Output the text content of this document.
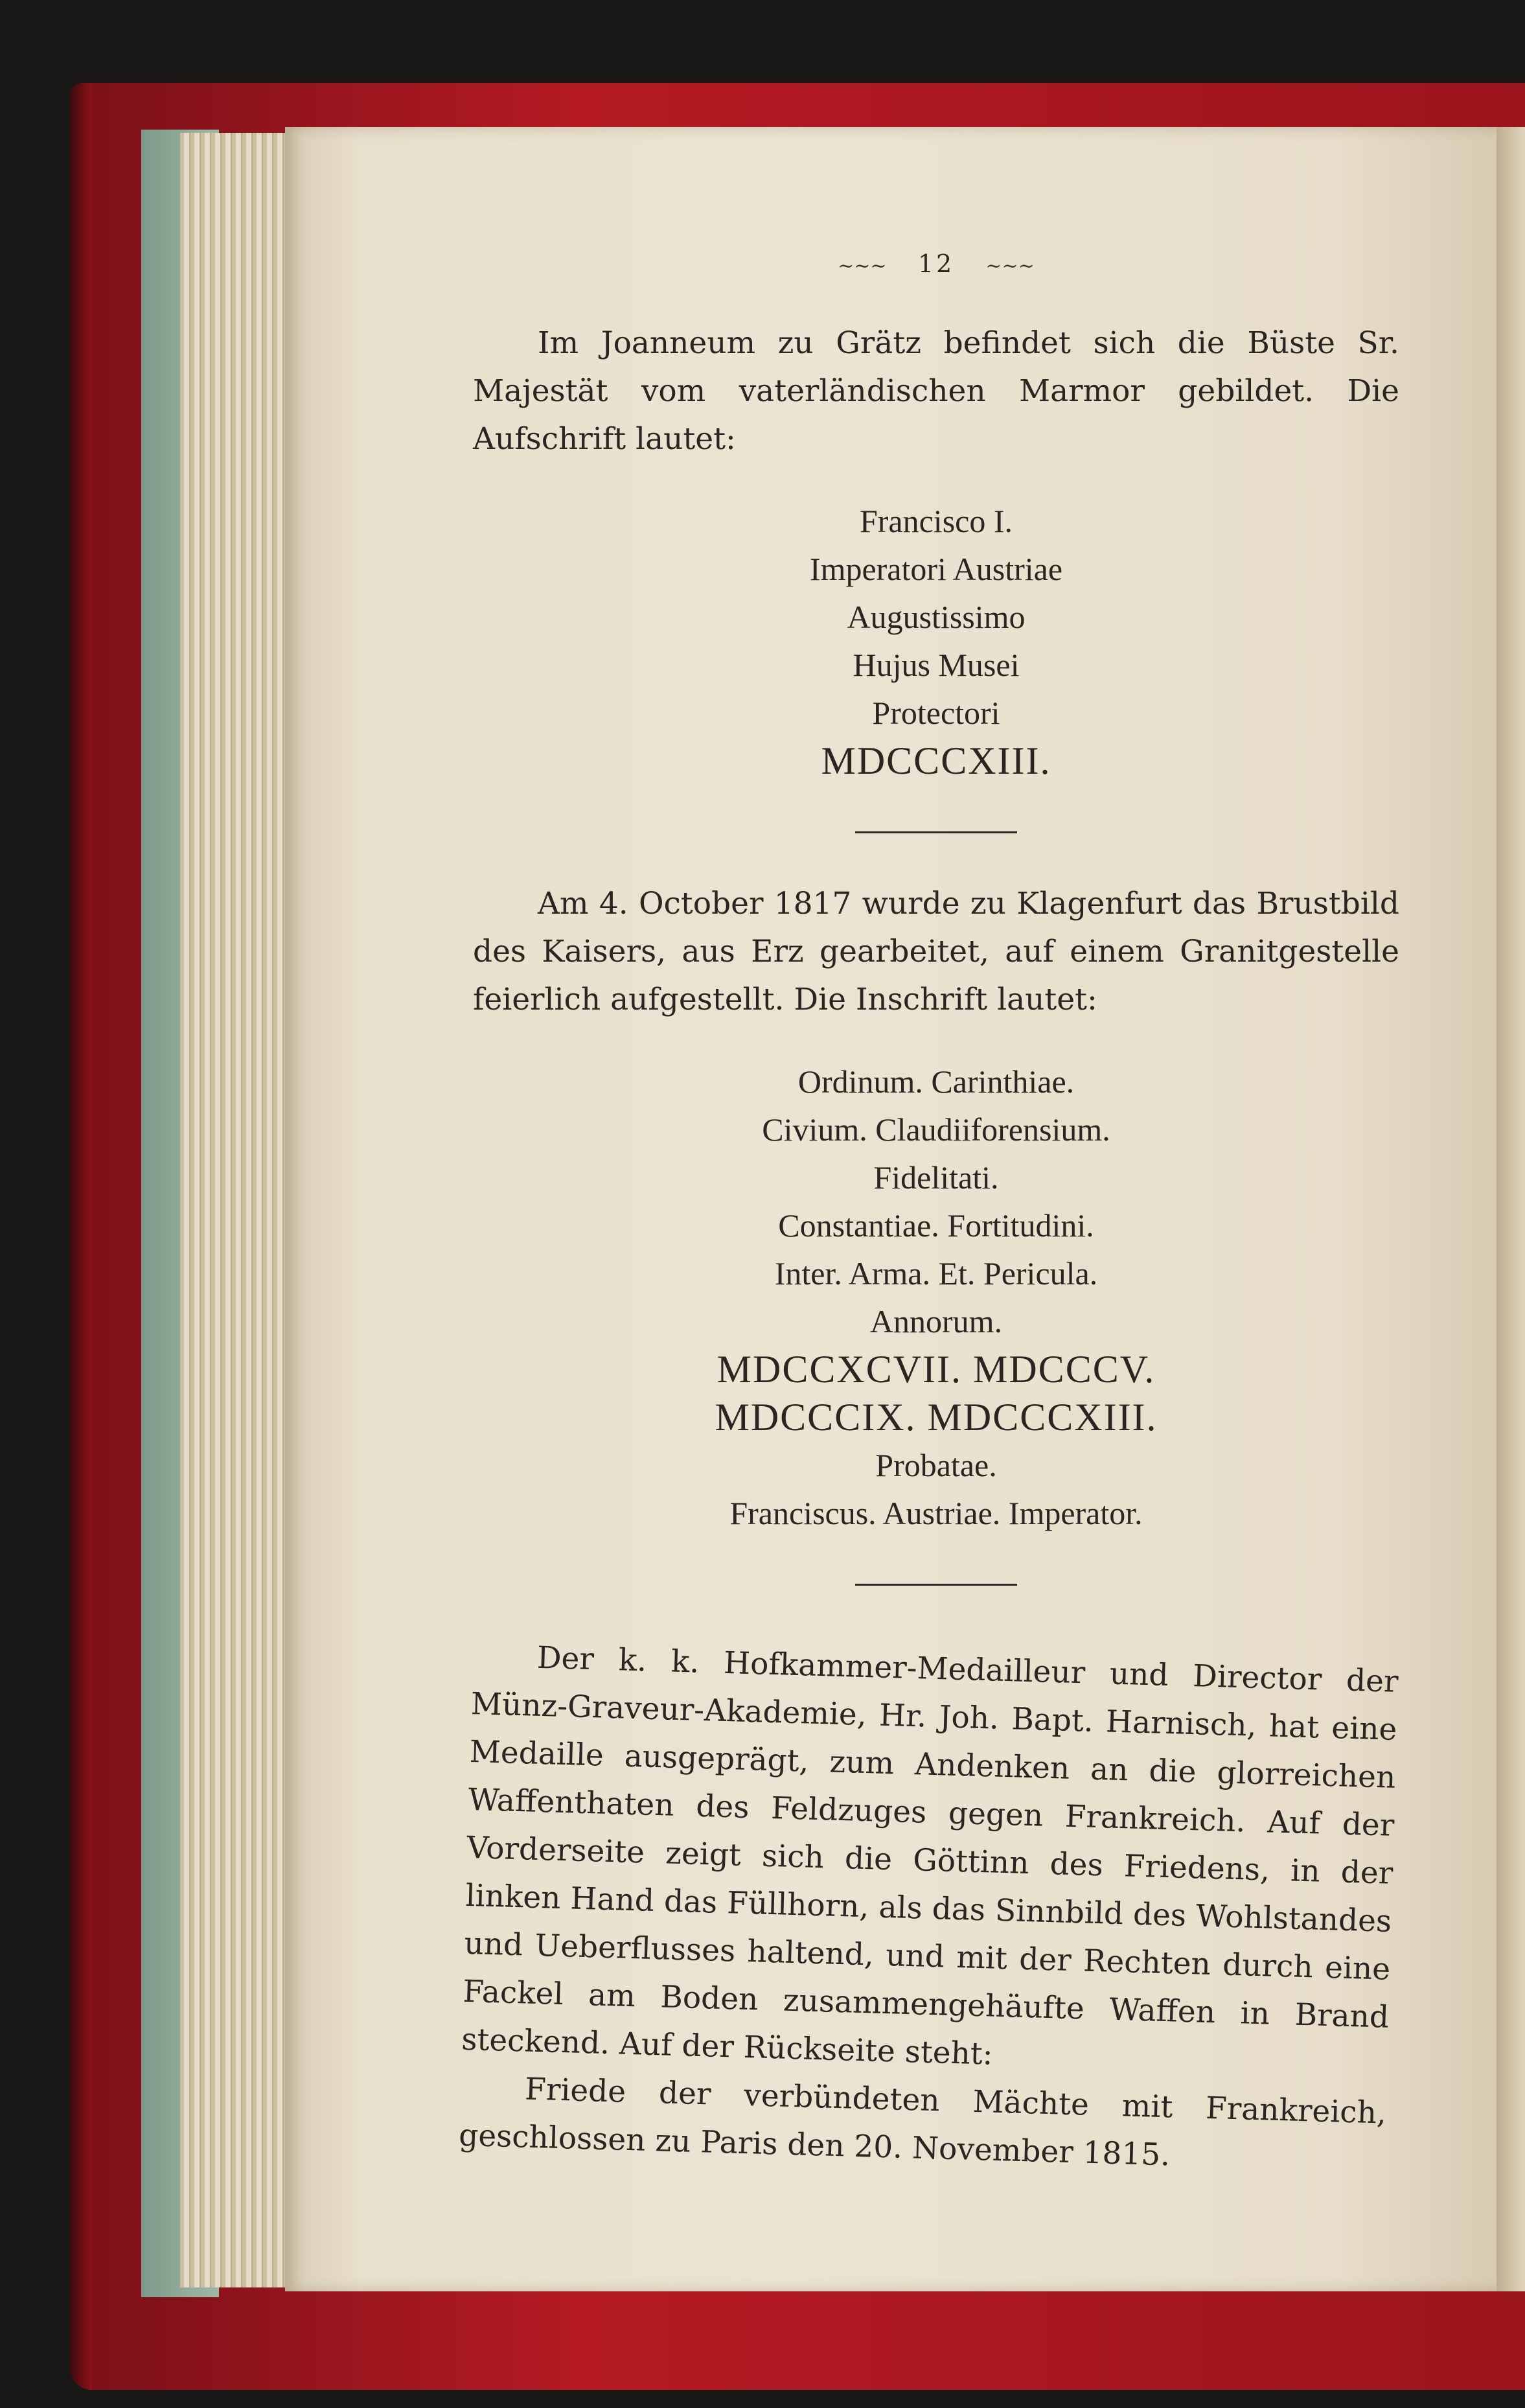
~~~ 12 ~~~

Im Joanneum zu Grätz befindet sich die Büste Sr. Majestät vom vaterländischen Marmor gebildet. Die Aufschrift lautet:

Francisco I.
Imperatori Austriae
Augustissimo
Hujus Musei
Protectori
MDCCCXIII.

Am 4. October 1817 wurde zu Klagenfurt das Brustbild des Kaisers, aus Erz gearbeitet, auf einem Granitgestelle feierlich aufgestellt. Die Inschrift lautet:

Ordinum. Carinthiae.
Civium. Claudiiforensium.
Fidelitati.
Constantiae. Fortitudini.
Inter. Arma. Et. Pericula.
Annorum.
MDCCXCVII. MDCCCV.
MDCCCIX. MDCCCXIII.
Probatae.
Franciscus. Austriae. Imperator.

Der k. k. Hofkammer-Medailleur und Director der Münz-Graveur-Akademie, Hr. Joh. Bapt. Harnisch, hat eine Medaille ausgeprägt, zum Andenken an die glorreichen Waffenthaten des Feldzuges gegen Frankreich. Auf der Vorderseite zeigt sich die Göttinn des Friedens, in der linken Hand das Füllhorn, als das Sinnbild des Wohlstandes und Ueberflusses haltend, und mit der Rechten durch eine Fackel am Boden zusammengehäufte Waffen in Brand steckend. Auf der Rückseite steht:

Friede der verbündeten Mächte mit Frankreich, geschlossen zu Paris den 20. November 1815.
